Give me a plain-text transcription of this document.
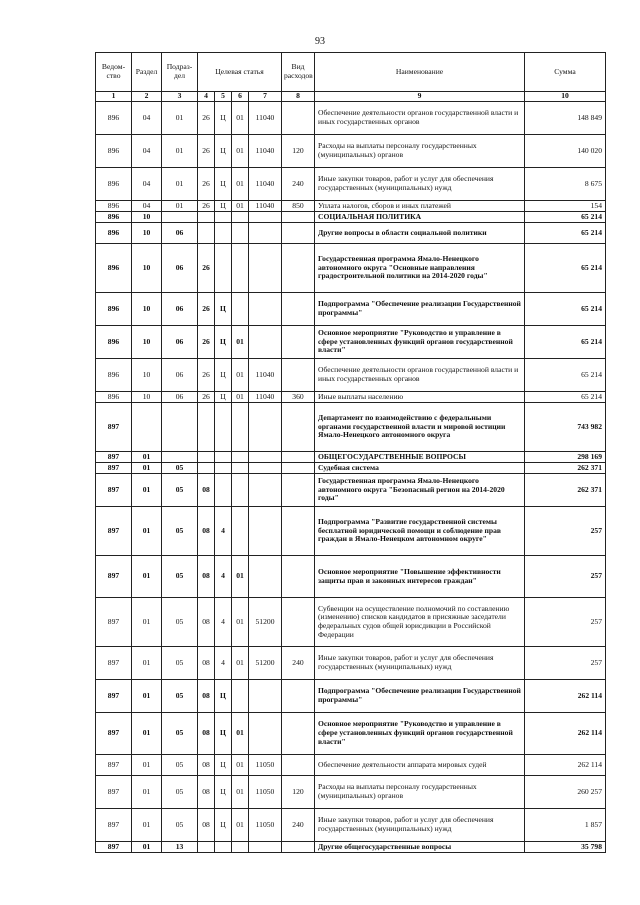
93
Ведом-ство	Раздел	Подраз-дел	Целевая статья				Вид расходов	Наименование	Сумма
1	2	3	4	5	6	7	8	9	10
896	04	01	26	Ц	01	11040		Обеспечение деятельности органов государственной власти и иных государственных органов	148 849
896	04	01	26	Ц	01	11040	120	Расходы на выплаты персоналу государственных (муниципальных) органов	140 020
896	04	01	26	Ц	01	11040	240	Иные закупки товаров, работ и услуг для обеспечения государственных (муниципальных) нужд	8 675
896	04	01	26	Ц	01	11040	850	Уплата налогов, сборов и иных платежей	154
896	10							СОЦИАЛЬНАЯ ПОЛИТИКА	65 214
896	10	06						Другие вопросы в области социальной политики	65 214
896	10	06	26					Государственная программа Ямало-Ненецкого автономного округа "Основные направления градостроительной политики на 2014-2020 годы"	65 214
896	10	06	26	Ц				Подпрограмма "Обеспечение реализации Государственной программы"	65 214
896	10	06	26	Ц	01			Основное мероприятие "Руководство и управление в сфере установленных функций органов государственной власти"	65 214
896	10	06	26	Ц	01	11040		Обеспечение деятельности органов государственной власти и иных государственных органов	65 214
896	10	06	26	Ц	01	11040	360	Иные выплаты населению	65 214
897								Департамент по взаимодействию с федеральными органами государственной власти и мировой юстиции Ямало-Ненецкого автономного округа	743 982
897	01							ОБЩЕГОСУДАРСТВЕННЫЕ ВОПРОСЫ	298 169
897	01	05						Судебная система	262 371
897	01	05	08					Государственная программа Ямало-Ненецкого автономного округа "Безопасный регион на 2014-2020 годы"	262 371
897	01	05	08	4				Подпрограмма "Развитие государственной системы бесплатной юридической помощи и соблюдение прав граждан в Ямало-Ненецком автономном округе"	257
897	01	05	08	4	01			Основное мероприятие "Повышение эффективности защиты прав и законных интересов граждан"	257
897	01	05	08	4	01	51200		Субвенции на осуществление полномочий по составлению (изменению) списков кандидатов в присяжные заседатели федеральных судов общей юрисдикции в Российской Федерации	257
897	01	05	08	4	01	51200	240	Иные закупки товаров, работ и услуг для обеспечения государственных (муниципальных) нужд	257
897	01	05	08	Ц				Подпрограмма "Обеспечение реализации Государственной программы"	262 114
897	01	05	08	Ц	01			Основное мероприятие "Руководство и управление в сфере установленных функций органов государственной власти"	262 114
897	01	05	08	Ц	01	11050		Обеспечение деятельности аппарата мировых судей	262 114
897	01	05	08	Ц	01	11050	120	Расходы на выплаты персоналу государственных (муниципальных) органов	260 257
897	01	05	08	Ц	01	11050	240	Иные закупки товаров, работ и услуг для обеспечения государственных (муниципальных) нужд	1 857
897	01	13						Другие общегосударственные вопросы	35 798
